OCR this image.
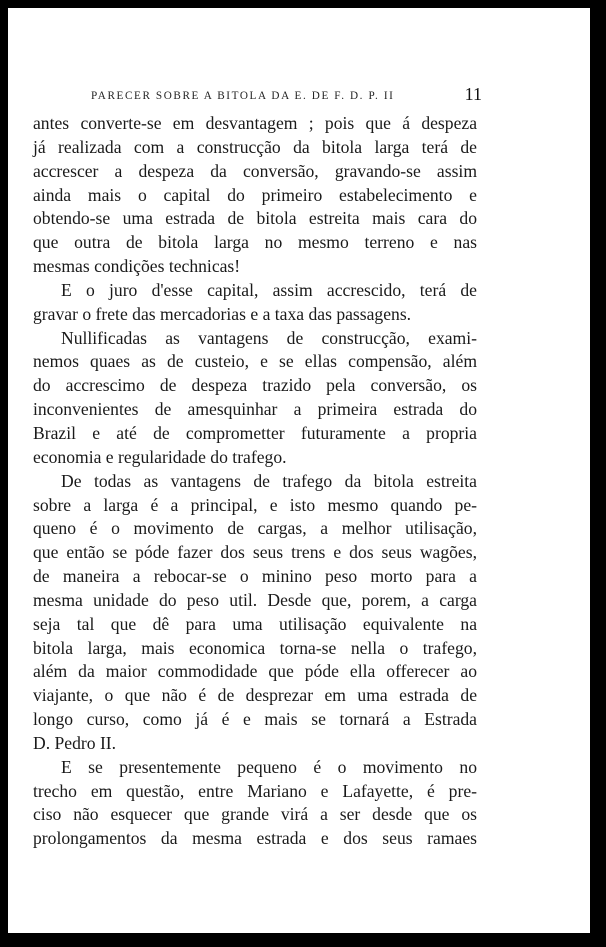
PARECER SOBRE A BITOLA DA E. DE F. D. P. II	11
antes converte-se em desvantagem ; pois que á despeza
já realizada com a construcção da bitola larga terá de
accrescer a despeza da conversão, gravando-se assim
ainda mais o capital do primeiro estabelecimento e
obtendo-se uma estrada de bitola estreita mais cara do
que outra de bitola larga no mesmo terreno e nas
mesmas condições technicas!
E o juro d'esse capital, assim accrescido, terá de
gravar o frete das mercadorias e a taxa das passagens.
Nullificadas as vantagens de construcção, exami-
nemos quaes as de custeio, e se ellas compensão, além
do accrescimo de despeza trazido pela conversão, os
inconvenientes de amesquinhar a primeira estrada do
Brazil e até de comprometter futuramente a propria
economia e regularidade do trafego.
De todas as vantagens de trafego da bitola estreita
sobre a larga é a principal, e isto mesmo quando pe-
queno é o movimento de cargas, a melhor utilisação,
que então se póde fazer dos seus trens e dos seus wagões,
de maneira a rebocar-se o minino peso morto para a
mesma unidade do peso util. Desde que, porem, a carga
seja tal que dê para uma utilisação equivalente na
bitola larga, mais economica torna-se nella o trafego,
além da maior commodidade que póde ella offerecer ao
viajante, o que não é de desprezar em uma estrada de
longo curso, como já é e mais se tornará a Estrada
D. Pedro II.
E se presentemente pequeno é o movimento no
trecho em questão, entre Mariano e Lafayette, é pre-
ciso não esquecer que grande virá a ser desde que os
prolongamentos da mesma estrada e dos seus ramaes
